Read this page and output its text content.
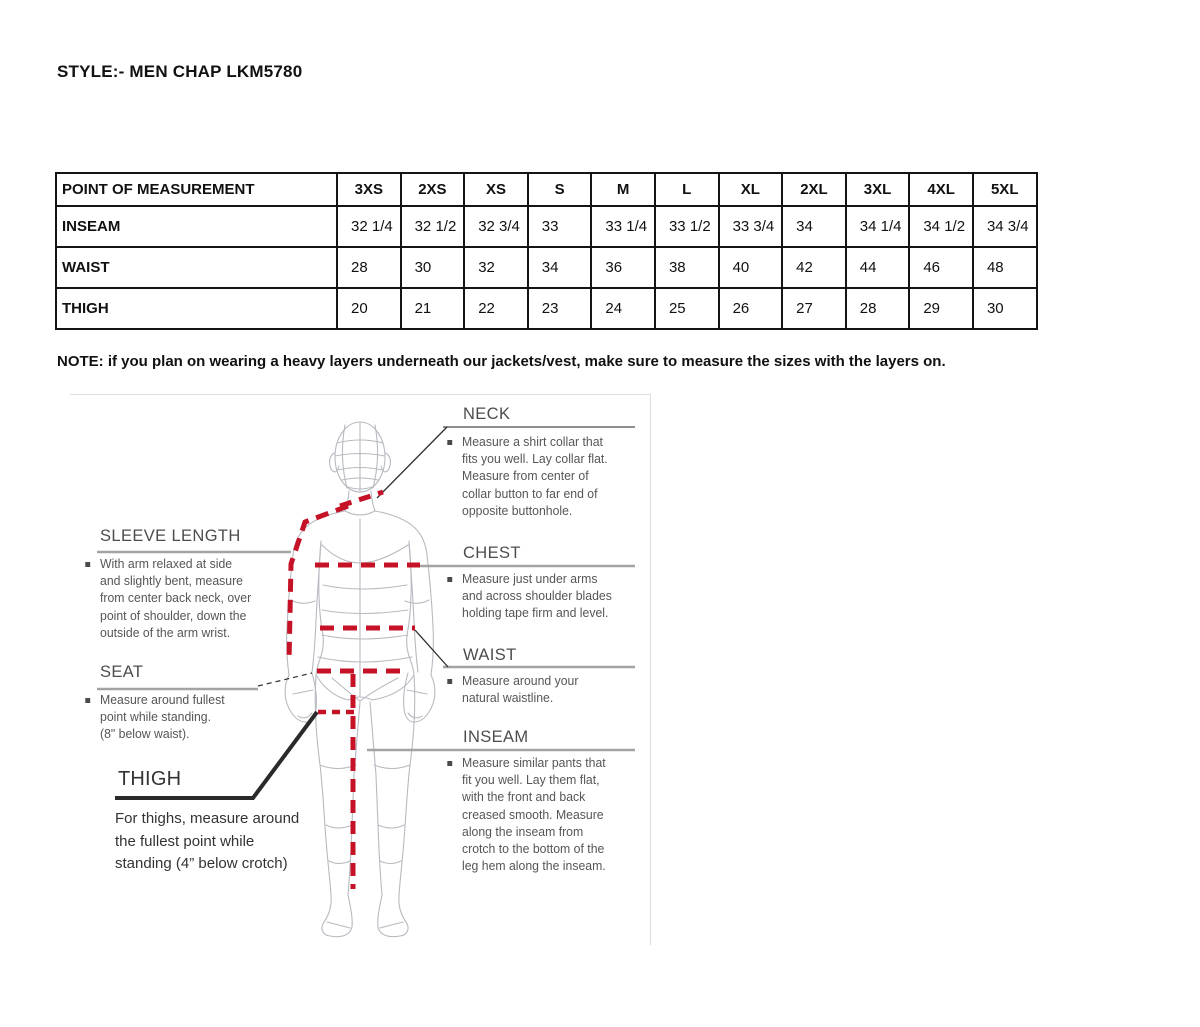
STYLE:- MEN CHAP LKM5780
POINT OF MEASUREMENT	3XS	2XS	XS	S	M	L	XL	2XL	3XL	4XL	5XL
INSEAM	32 1/4	32 1/2	32 3/4	33	33 1/4	33 1/2	33 3/4	34	34 1/4	34 1/2	34 3/4
WAIST	28	30	32	34	36	38	40	42	44	46	48
THIGH	20	21	22	23	24	25	26	27	28	29	30
NOTE: if you plan on wearing a heavy layers underneath our jackets/vest, make sure to measure the sizes with the layers on.
NECK
Measure a shirt collar that
fits you well. Lay collar flat.
Measure from center of
collar button to far end of
opposite buttonhole.
CHEST
Measure just under arms
and across shoulder blades
holding tape firm and level.
WAIST
Measure around your
natural waistline.
INSEAM
Measure similar pants that
fit you well. Lay them flat,
with the front and back
creased smooth. Measure
along the inseam from
crotch to the bottom of the
leg hem along the inseam.
SLEEVE LENGTH
With arm relaxed at side
and slightly bent, measure
from center back neck, over
point of shoulder, down the
outside of the arm wrist.
SEAT
Measure around fullest
point while standing.
(8" below waist).
THIGH
For thighs, measure around
the fullest point while
standing (4” below crotch)
